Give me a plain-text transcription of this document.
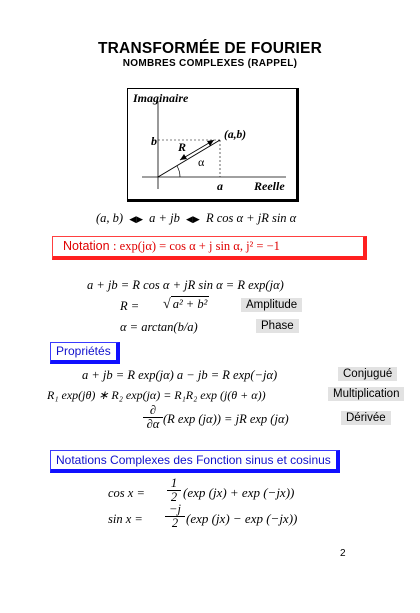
TRANSFORMÉE DE FOURIER
NOMBRES COMPLEXES (RAPPEL)
Imaginaire
Reelle
(a,b)
b
a
R
α
(a, b) ◀▶ a + jb ◀▶ R cos α + jR sin α
Notation : exp(jα) = cos α + j sin α, j² = −1
a + jb = R cos α + jR sin α = R exp(jα)
R = √ a² + b²	Amplitude
α = arctan(b/a)	Phase
Propriétés
a + jb = R exp(jα) a − jb = R exp(−jα)	Conjugué
R₁ exp(jθ) ∗ R₂ exp(jα) = R₁R₂ exp (j(θ + α))	Multiplication
∂
∂α (R exp (jα)) = jR exp (jα)	Dérivée
Notations Complexes des Fonction sinus et cosinus
$\cos x = \frac{1}{2} (\exp$ (jx) + exp (−jx))
$\sin x = \frac{-j}{2} (\exp$ (jx) − exp (−jx))
2
